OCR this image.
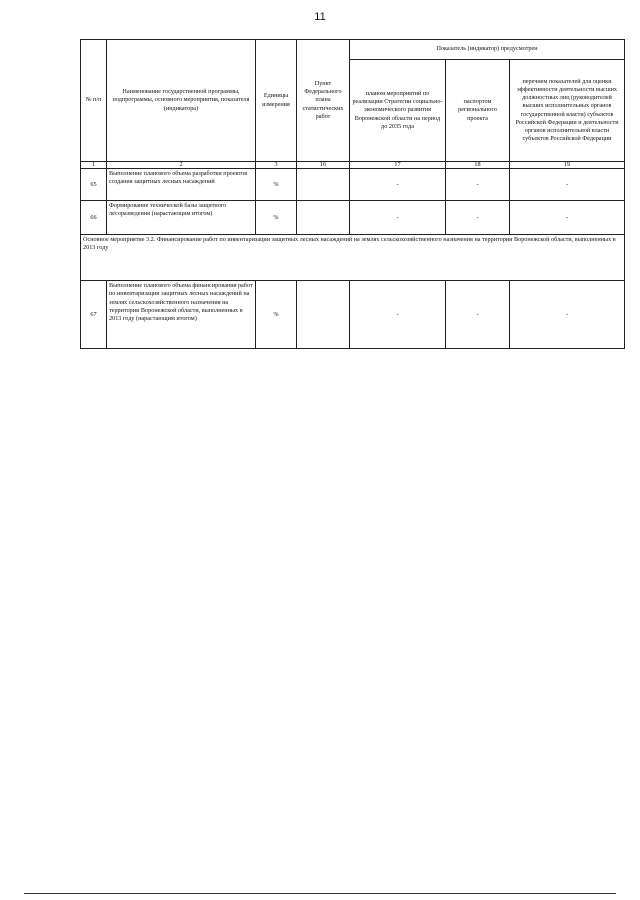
11
№ п/п	Наименование государственной программы, подпрограммы, основного мероприятия, показателя (индикатора)	Единицы измерения	Пункт Федерального плана статистических работ	Показатель (индикатор) предусмотрен		
				планом мероприятий по реализации Стратегии социально-экономического развития Воронежской области на период до 2035 года	паспортом регионального проекта	перечнем показателей для оценки эффективности деятельности высших должностных лиц (руководителей высших исполнительных органов государственной власти) субъектов Российской Федерации и деятельности органов исполнительной власти субъектов Российской Федерации
1	2	3	16	17	18	19
65	Выполнение планового объема разработки проектов создания защитных лесных насаждений	%		-	-	-
66	Формирование технической базы защитного лесоразведения (нарастающим итогом)	%		-	-	-
Основное мероприятие 3.2. Финансирование работ по инвентаризации защитных лесных насаждений на землях сельскохозяйственного назначения на территории Воронежской области, выполненных в 2013 году						
67	Выполнение планового объема финансирования работ по инвентаризации защитных лесных насаждений на землях сельскохозяйственного назначения на территории Воронежской области, выполненных в 2013 году (нарастающим итогом)	%		-	-	-
